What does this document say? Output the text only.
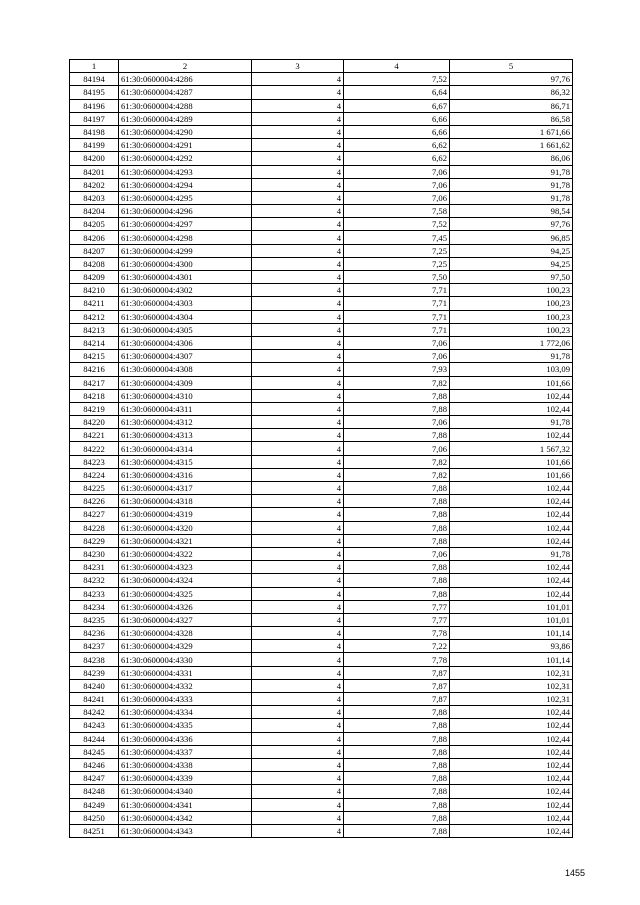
1	2	3	4	5
84194	61:30:0600004:4286	4	7,52	97,76
84195	61:30:0600004:4287	4	6,64	86,32
84196	61:30:0600004:4288	4	6,67	86,71
84197	61:30:0600004:4289	4	6,66	86,58
84198	61:30:0600004:4290	4	6,66	1 671,66
84199	61:30:0600004:4291	4	6,62	1 661,62
84200	61:30:0600004:4292	4	6,62	86,06
84201	61:30:0600004:4293	4	7,06	91,78
84202	61:30:0600004:4294	4	7,06	91,78
84203	61:30:0600004:4295	4	7,06	91,78
84204	61:30:0600004:4296	4	7,58	98,54
84205	61:30:0600004:4297	4	7,52	97,76
84206	61:30:0600004:4298	4	7,45	96,85
84207	61:30:0600004:4299	4	7,25	94,25
84208	61:30:0600004:4300	4	7,25	94,25
84209	61:30:0600004:4301	4	7,50	97,50
84210	61:30:0600004:4302	4	7,71	100,23
84211	61:30:0600004:4303	4	7,71	100,23
84212	61:30:0600004:4304	4	7,71	100,23
84213	61:30:0600004:4305	4	7,71	100,23
84214	61:30:0600004:4306	4	7,06	1 772,06
84215	61:30:0600004:4307	4	7,06	91,78
84216	61:30:0600004:4308	4	7,93	103,09
84217	61:30:0600004:4309	4	7,82	101,66
84218	61:30:0600004:4310	4	7,88	102,44
84219	61:30:0600004:4311	4	7,88	102,44
84220	61:30:0600004:4312	4	7,06	91,78
84221	61:30:0600004:4313	4	7,88	102,44
84222	61:30:0600004:4314	4	7,06	1 567,32
84223	61:30:0600004:4315	4	7,82	101,66
84224	61:30:0600004:4316	4	7,82	101,66
84225	61:30:0600004:4317	4	7,88	102,44
84226	61:30:0600004:4318	4	7,88	102,44
84227	61:30:0600004:4319	4	7,88	102,44
84228	61:30:0600004:4320	4	7,88	102,44
84229	61:30:0600004:4321	4	7,88	102,44
84230	61:30:0600004:4322	4	7,06	91,78
84231	61:30:0600004:4323	4	7,88	102,44
84232	61:30:0600004:4324	4	7,88	102,44
84233	61:30:0600004:4325	4	7,88	102,44
84234	61:30:0600004:4326	4	7,77	101,01
84235	61:30:0600004:4327	4	7,77	101,01
84236	61:30:0600004:4328	4	7,78	101,14
84237	61:30:0600004:4329	4	7,22	93,86
84238	61:30:0600004:4330	4	7,78	101,14
84239	61:30:0600004:4331	4	7,87	102,31
84240	61:30:0600004:4332	4	7,87	102,31
84241	61:30:0600004:4333	4	7,87	102,31
84242	61:30:0600004:4334	4	7,88	102,44
84243	61:30:0600004:4335	4	7,88	102,44
84244	61:30:0600004:4336	4	7,88	102,44
84245	61:30:0600004:4337	4	7,88	102,44
84246	61:30:0600004:4338	4	7,88	102,44
84247	61:30:0600004:4339	4	7,88	102,44
84248	61:30:0600004:4340	4	7,88	102,44
84249	61:30:0600004:4341	4	7,88	102,44
84250	61:30:0600004:4342	4	7,88	102,44
84251	61:30:0600004:4343	4	7,88	102,44
1455
